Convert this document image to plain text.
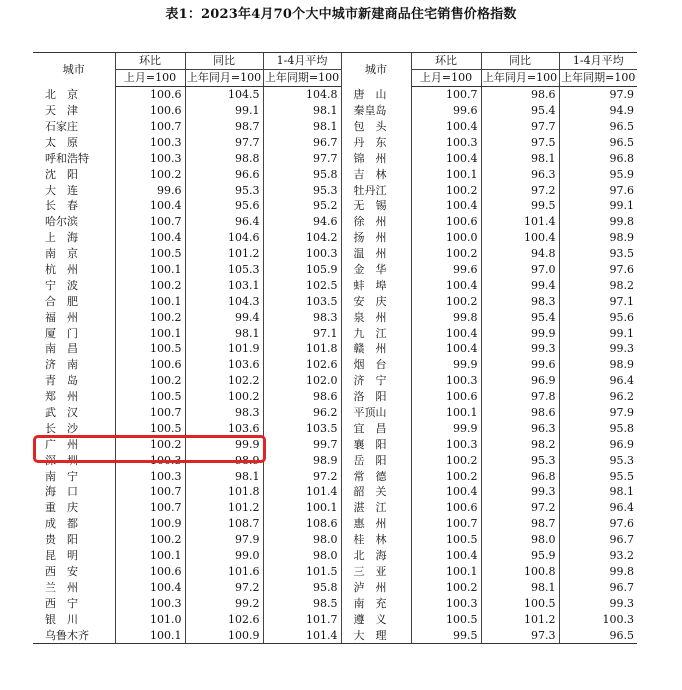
表1：2023年4月70个大中城市新建商品住宅销售价格指数
城市	环比	同比	1-4月平均	城市	环比	同比	1-4月平均
	上月=100	上年同月=100	上年同期=100		上月=100	上年同月=100	上年同期=100
北　京	100.6	104.5	104.8	唐　山	100.7	98.6	97.9
天　津	100.6	99.1	98.1	秦皇岛	99.6	95.4	94.9
石家庄	100.7	98.7	98.1	包　头	100.4	97.7	96.5
太　原	100.3	97.7	96.7	丹　东	100.3	97.5	96.5
呼和浩特	100.3	98.8	97.7	锦　州	100.4	98.1	96.8
沈　阳	100.2	96.6	95.8	吉　林	100.1	96.3	95.9
大　连	99.6	95.3	95.3	牡丹江	100.2	97.2	97.6
长　春	100.4	95.6	95.2	无　锡	100.4	99.5	99.1
哈尔滨	100.7	96.4	94.6	徐　州	100.6	101.4	99.8
上　海	100.4	104.6	104.2	扬　州	100.0	100.4	98.9
南　京	100.5	101.2	100.3	温　州	100.2	94.8	93.5
杭　州	100.1	105.3	105.9	金　华	99.6	97.0	97.6
宁　波	100.2	103.1	102.5	蚌　埠	100.4	99.4	98.2
合　肥	100.1	104.3	103.5	安　庆	100.2	98.3	97.1
福　州	100.2	99.4	98.3	泉　州	99.8	95.4	95.6
厦　门	100.1	98.1	97.1	九　江	100.4	99.9	99.1
南　昌	100.5	101.9	101.8	赣　州	100.4	99.3	99.3
济　南	100.6	103.6	102.6	烟　台	99.9	99.6	98.9
青　岛	100.2	102.2	102.0	济　宁	100.3	96.9	96.4
郑　州	100.5	100.2	98.6	洛　阳	100.6	97.8	96.2
武　汉	100.7	98.3	96.2	平顶山	100.1	98.6	97.9
长　沙	100.5	103.6	103.5	宜　昌	99.9	96.3	95.8
广　州	100.2	99.9	99.7	襄　阳	100.3	98.2	96.9
深　圳	100.3	98.9	98.9	岳　阳	100.2	95.3	95.3
南　宁	100.3	98.1	97.2	常　德	100.2	96.8	95.5
海　口	100.7	101.8	101.4	韶　关	100.4	99.3	98.1
重　庆	100.7	101.2	100.1	湛　江	100.6	97.2	96.4
成　都	100.9	108.7	108.6	惠　州	100.7	98.7	97.6
贵　阳	100.2	97.9	98.0	桂　林	100.5	98.0	96.7
昆　明	100.1	99.0	98.0	北　海	100.4	95.9	93.2
西　安	100.6	101.6	101.5	三　亚	100.1	100.8	99.8
兰　州	100.4	97.2	95.8	泸　州	100.2	98.1	96.7
西　宁	100.3	99.2	98.5	南　充	100.3	100.5	99.3
银　川	101.0	102.6	101.7	遵　义	100.5	101.2	100.3
乌鲁木齐	100.1	100.9	101.4	大　理	99.5	97.3	96.5
